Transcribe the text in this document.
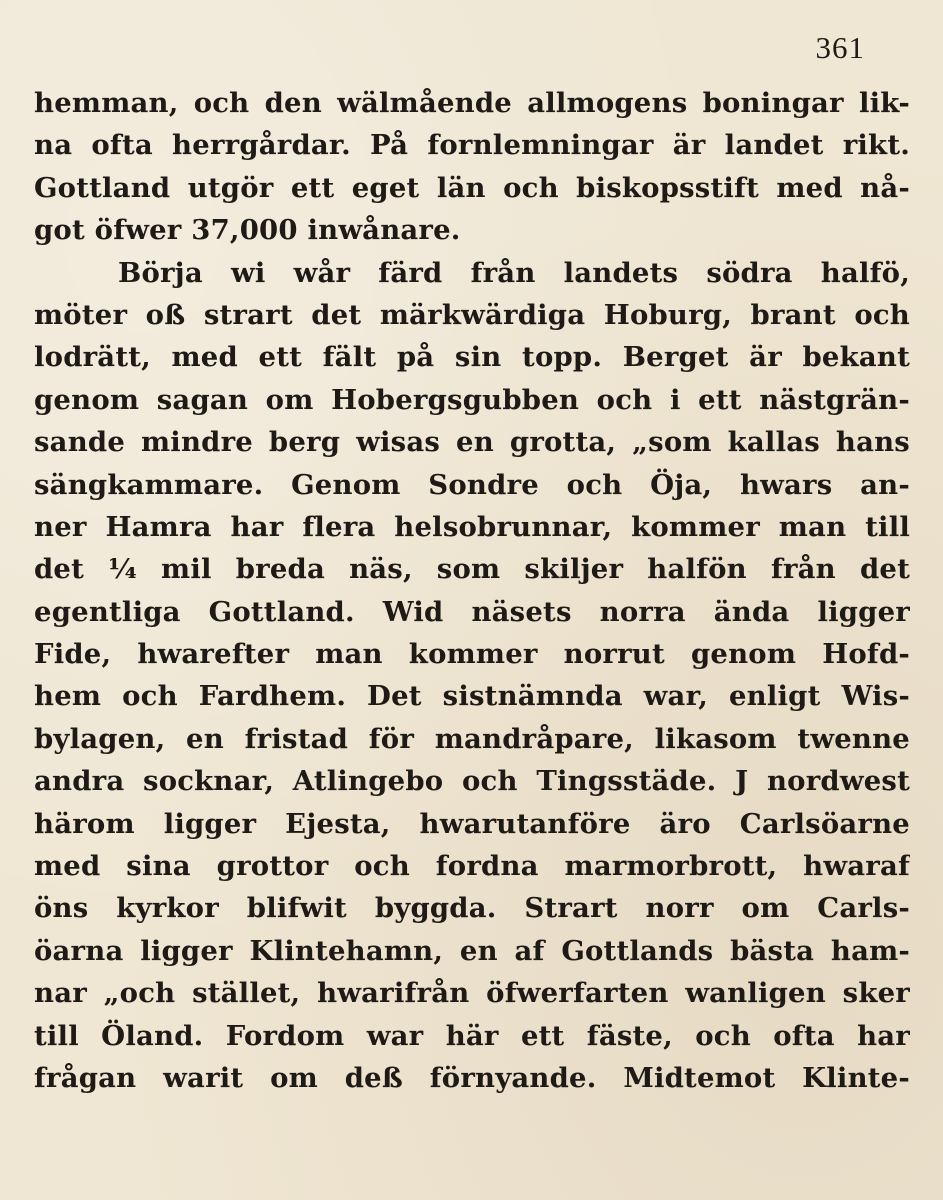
361
hemman, och den wälmående allmogens boningar lik-
na ofta herrgårdar. På fornlemningar är landet rikt.
Gottland utgör ett eget län och biskopsstift med nå-
got öfwer 37,000 inwånare.
Börja wi wår färd från landets södra halfö,
möter oß strart det märkwärdiga Hoburg, brant och
lodrätt, med ett fält på sin topp. Berget är bekant
genom sagan om Hobergsgubben och i ett nästgrän-
sande mindre berg wisas en grotta, „som kallas hans
sängkammare. Genom Sondre och Öja, hwars an-
ner Hamra har flera helsobrunnar, kommer man till
det ¼ mil breda näs, som skiljer halfön från det
egentliga Gottland. Wid näsets norra ända ligger
Fide, hwarefter man kommer norrut genom Hofd-
hem och Fardhem. Det sistnämnda war, enligt Wis-
bylagen, en fristad för mandråpare, likasom twenne
andra socknar, Atlingebo och Tingsstäde. J nordwest
härom ligger Ejesta, hwarutanföre äro Carlsöarne
med sina grottor och fordna marmorbrott, hwaraf
öns kyrkor blifwit byggda. Strart norr om Carls-
öarna ligger Klintehamn, en af Gottlands bästa ham-
nar „och stället, hwarifrån öfwerfarten wanligen sker
till Öland. Fordom war här ett fäste, och ofta har
frågan warit om deß förnyande. Midtemot Klinte-
